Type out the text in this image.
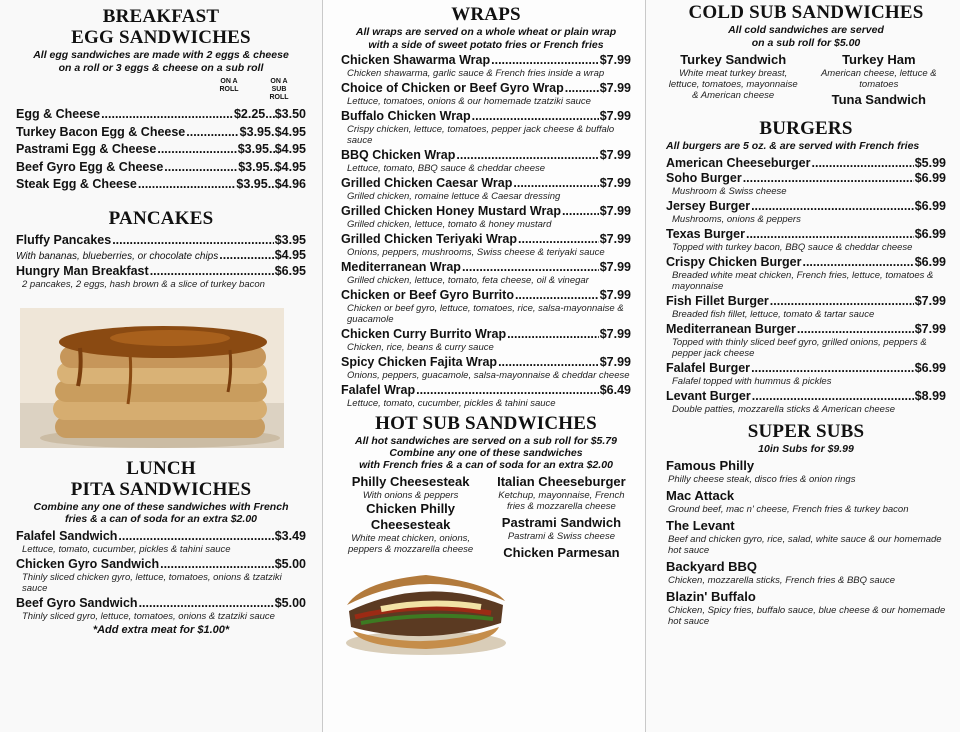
BREAKFAST
EGG SANDWICHES
All egg sandwiches are made with 2 eggs & cheese
on a roll or 3 eggs & cheese on a sub roll
ON A ROLL
ON A SUB ROLL
Egg & Cheese .....	$2.25 ...... $3.50
Turkey Bacon Egg & Cheese .....	$3.95 ...... $4.95
Pastrami Egg & Cheese .....	$3.95 ...... $4.95
Beef Gyro Egg & Cheese .....	$3.95 ...... $4.95
Steak Egg & Cheese .....	$3.95 ...... $4.96
PANCAKES
Fluffy Pancakes .....	$3.95
With bananas, blueberries, or chocolate chips .....	$4.95
Hungry Man Breakfast .....	$6.95
2 pancakes, 2 eggs, hash brown & a slice of turkey bacon
LUNCH
PITA SANDWICHES
Combine any one of these sandwiches with French
fries & a can of soda for an extra $2.00
Falafel Sandwich .....	$3.49
Lettuce, tomato, cucumber, pickles & tahini sauce
Chicken Gyro Sandwich .....	$5.00
Thinly sliced chicken gyro, lettuce, tomatoes, onions & tzatziki sauce
Beef Gyro Sandwich .....	$5.00
Thinly sliced gyro, lettuce, tomatoes, onions & tzatziki sauce
*Add extra meat for $1.00*
WRAPS
All wraps are served on a whole wheat or plain wrap
with a side of sweet potato fries or French fries
Chicken Shawarma Wrap .....	$7.99
Chicken shawarma, garlic sauce & French fries inside a wrap
Choice of Chicken or Beef Gyro Wrap .....	$7.99
Lettuce, tomatoes, onions & our homemade tzatziki sauce
Buffalo Chicken Wrap .....	$7.99
Crispy chicken, lettuce, tomatoes, pepper jack cheese & buffalo sauce
BBQ Chicken Wrap .....	$7.99
Lettuce, tomato, BBQ sauce & cheddar cheese
Grilled Chicken Caesar Wrap .....	$7.99
Grilled chicken, romaine lettuce & Caesar dressing
Grilled Chicken Honey Mustard Wrap .....	$7.99
Grilled chicken, lettuce, tomato & honey mustard
Grilled Chicken Teriyaki Wrap .....	$7.99
Onions, peppers, mushrooms, Swiss cheese & teriyaki sauce
Mediterranean Wrap .....	$7.99
Grilled chicken, lettuce, tomato, feta cheese, oil & vinegar
Chicken or Beef Gyro Burrito .....	$7.99
Chicken or beef gyro, lettuce, tomatoes, rice, salsa-mayonnaise & guacamole
Chicken Curry Burrito Wrap .....	$7.99
Chicken, rice, beans & curry sauce
Spicy Chicken Fajita Wrap .....	$7.99
Onions, peppers, guacamole, salsa-mayonnaise & cheddar cheese
Falafel Wrap .....	$6.49
Lettuce, tomato, cucumber, pickles & tahini sauce
HOT SUB SANDWICHES
All hot sandwiches are served on a sub roll for $5.79
Combine any one of these sandwiches
with French fries & a can of soda for an extra $2.00
Philly Cheesesteak
With onions & peppers
Chicken Philly Cheesesteak
White meat chicken, onions, peppers & mozzarella cheese
Italian Cheeseburger
Ketchup, mayonnaise, French fries & mozzarella cheese
Pastrami Sandwich
Pastrami & Swiss cheese
Chicken Parmesan
COLD SUB SANDWICHES
All cold sandwiches are served
on a sub roll for $5.00
Turkey Sandwich
White meat turkey breast, lettuce, tomatoes, mayonnaise & American cheese
Turkey Ham
American cheese, lettuce & tomatoes
Tuna Sandwich
BURGERS
All burgers are 5 oz. & are served with French fries
American Cheeseburger .....	$5.99
Soho Burger .....	$6.99
Mushroom & Swiss cheese
Jersey Burger .....	$6.99
Mushrooms, onions & peppers
Texas Burger .....	$6.99
Topped with turkey bacon, BBQ sauce & cheddar cheese
Crispy Chicken Burger .....	$6.99
Breaded white meat chicken, French fries, lettuce, tomatoes & mayonnaise
Fish Fillet Burger .....	$7.99
Breaded fish fillet, lettuce, tomato & tartar sauce
Mediterranean Burger .....	$7.99
Topped with thinly sliced beef gyro, grilled onions, peppers & pepper jack cheese
Falafel Burger .....	$6.99
Falafel topped with hummus & pickles
Levant Burger .....	$8.99
Double patties, mozzarella sticks & American cheese
SUPER SUBS
10in Subs for $9.99
Famous Philly
Philly cheese steak, disco fries & onion rings
Mac Attack
Ground beef, mac n' cheese, French fries & turkey bacon
The Levant
Beef and chicken gyro, rice, salad, white sauce & our homemade hot sauce
Backyard BBQ
Chicken, mozzarella sticks, French fries & BBQ sauce
Blazin' Buffalo
Chicken, Spicy fries, buffalo sauce, blue cheese & our homemade hot sauce
